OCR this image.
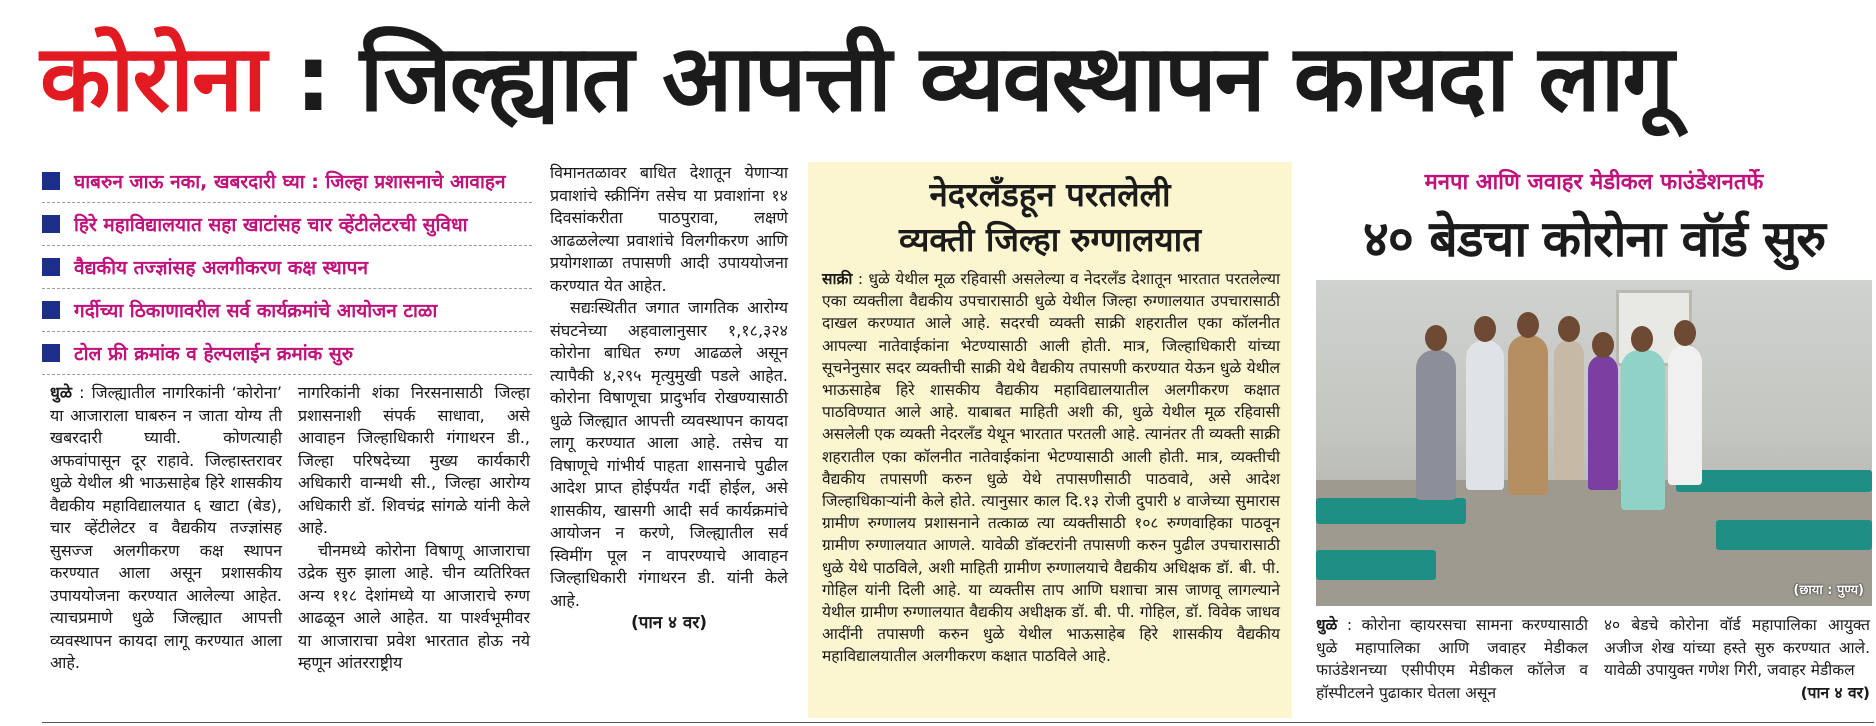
कोरोना : जिल्ह्यात आपत्ती व्यवस्थापन कायदा लागू
घाबरुन जाऊ नका, खबरदारी घ्या : जिल्हा प्रशासनाचे आवाहन
हिरे महाविद्यालयात सहा खाटांसह चार व्हेंटीलेटरची सुविधा
वैद्यकीय तज्ज्ञांसह अलगीकरण कक्ष स्थापन
गर्दीच्या ठिकाणावरील सर्व कार्यक्रमांचे आयोजन टाळा
टोल फ्री क्रमांक व हेल्पलाईन क्रमांक सुरु

धुळे : जिल्ह्यातील नागरिकांनी ‘कोरोना’ या आजाराला घाबरुन न जाता योग्य ती खबरदारी घ्यावी. कोणत्याही अफवांपासून दूर राहावे. जिल्हास्तरावर धुळे येथील श्री भाऊसाहेब हिरे शासकीय वैद्यकीय महाविद्यालयात ६ खाटा (बेड), चार व्हेंटीलेटर व वैद्यकीय तज्ज्ञांसह सुसज्ज अलगीकरण कक्ष स्थापन करण्यात आला असून प्रशासकीय उपाययोजना करण्यात आलेल्या आहेत. त्याचप्रमाणे धुळे जिल्ह्यात आपत्ती व्यवस्थापन कायदा लागू करण्यात आला आहे.

नागरिकांनी शंका निरसनासाठी जिल्हा प्रशासनाशी संपर्क साधावा, असे आवाहन जिल्हाधिकारी गंगाथरन डी., जिल्हा परिषदेच्या मुख्य कार्यकारी अधिकारी वान्मथी सी., जिल्हा आरोग्य अधिकारी डॉ. शिवचंद्र सांगळे यांनी केले आहे.

चीनमध्ये कोरोना विषाणू आजाराचा उद्रेक सुरु झाला आहे. चीन व्यतिरिक्त अन्य ११८ देशांमध्ये या आजाराचे रुग्ण आढळून आले आहेत. या पार्श्वभूमीवर या आजाराचा प्रवेश भारतात होऊ नये म्हणून आंतरराष्ट्रीय

विमानतळावर बाधित देशातून येणाऱ्या प्रवाशांचे स्क्रीनिंग तसेच या प्रवाशांना १४ दिवसांकरीता पाठपुरावा, लक्षणे आढळलेल्या प्रवाशांचे विलगीकरण आणि प्रयोगशाळा तपासणी आदी उपाययोजना करण्यात येत आहेत.

सद्यःस्थितीत जगात जागतिक आरोग्य संघटनेच्या अहवालानुसार १,१८,३२४ कोरोना बाधित रुग्ण आढळले असून त्यापैकी ४,२९५ मृत्युमुखी पडले आहेत. कोरोना विषाणूचा प्रादुर्भाव रोखण्यासाठी धुळे जिल्ह्यात आपत्ती व्यवस्थापन कायदा लागू करण्यात आला आहे. तसेच या विषाणूचे गांभीर्य पाहता शासनाचे पुढील आदेश प्राप्त होईपर्यंत गर्दी होईल, असे शासकीय, खासगी आदी सर्व कार्यक्रमांचे आयोजन न करणे, जिल्ह्यातील सर्व स्विमींग पूल न वापरण्याचे आवाहन जिल्हाधिकारी गंगाथरन डी. यांनी केले आहे.

(पान ४ वर)

नेदरलँडहून परतलेली
व्यक्ती जिल्हा रुग्णालयात
साक्री : धुळे येथील मूळ रहिवासी असलेल्या व नेदरलँड देशातून भारतात परतलेल्या एका व्यक्तीला वैद्यकीय उपचारासाठी धुळे येथील जिल्हा रुग्णालयात उपचारासाठी दाखल करण्यात आले आहे. सदरची व्यक्ती साक्री शहरातील एका कॉलनीत आपल्या नातेवाईकांना भेटण्यासाठी आली होती. मात्र, जिल्हाधिकारी यांच्या सूचनेनुसार सदर व्यक्तीची साक्री येथे वैद्यकीय तपासणी करण्यात येऊन धुळे येथील भाऊसाहेब हिरे शासकीय वैद्यकीय महाविद्यालयातील अलगीकरण कक्षात पाठविण्यात आले आहे. याबाबत माहिती अशी की, धुळे येथील मूळ रहिवासी असलेली एक व्यक्ती नेदरलँड येथून भारतात परतली आहे. त्यानंतर ती व्यक्ती साक्री शहरातील एका कॉलनीत नातेवाईकांना भेटण्यासाठी आली होती. मात्र, व्यक्तीची वैद्यकीय तपासणी करुन धुळे येथे तपासणीसाठी पाठवावे, असे आदेश जिल्हाधिकाऱ्यांनी केले होते. त्यानुसार काल दि.१३ रोजी दुपारी ४ वाजेच्या सुमारास ग्रामीण रुग्णालय प्रशासनाने तत्काळ त्या व्यक्तीसाठी १०८ रुग्णवाहिका पाठवून ग्रामीण रुग्णालयात आणले. यावेळी डॉक्टरांनी तपासणी करुन पुढील उपचारासाठी धुळे येथे पाठविले, अशी माहिती ग्रामीण रुग्णालयाचे वैद्यकीय अधिक्षक डॉ. बी. पी. गोहिल यांनी दिली आहे. या व्यक्तीस ताप आणि घशाचा त्रास जाणवू लागल्याने येथील ग्रामीण रुग्णालयात वैद्यकीय अधीक्षक डॉ. बी. पी. गोहिल, डॉ. विवेक जाधव आदींनी तपासणी करुन धुळे येथील भाऊसाहेब हिरे शासकीय वैद्यकीय महाविद्यालयातील अलगीकरण कक्षात पाठविले आहे.
मनपा आणि जवाहर मेडीकल फाउंडेशनतर्फे
४० बेडचा कोरोना वॉर्ड सुरु
(छाया : पुण्य)
धुळे : कोरोना व्हायरसचा सामना करण्यासाठी धुळे महापालिका आणि जवाहर मेडीकल फाउंडेशनच्या एसीपीएम मेडीकल कॉलेज व हॉस्पीटलने पुढाकार घेतला असून
४० बेडचे कोरोना वॉर्ड महापालिका आयुक्त अजीज शेख यांच्या हस्ते सुरु करण्यात आले. यावेळी उपायुक्त गणेश गिरी, जवाहर मेडीकल
(पान ४ वर)
